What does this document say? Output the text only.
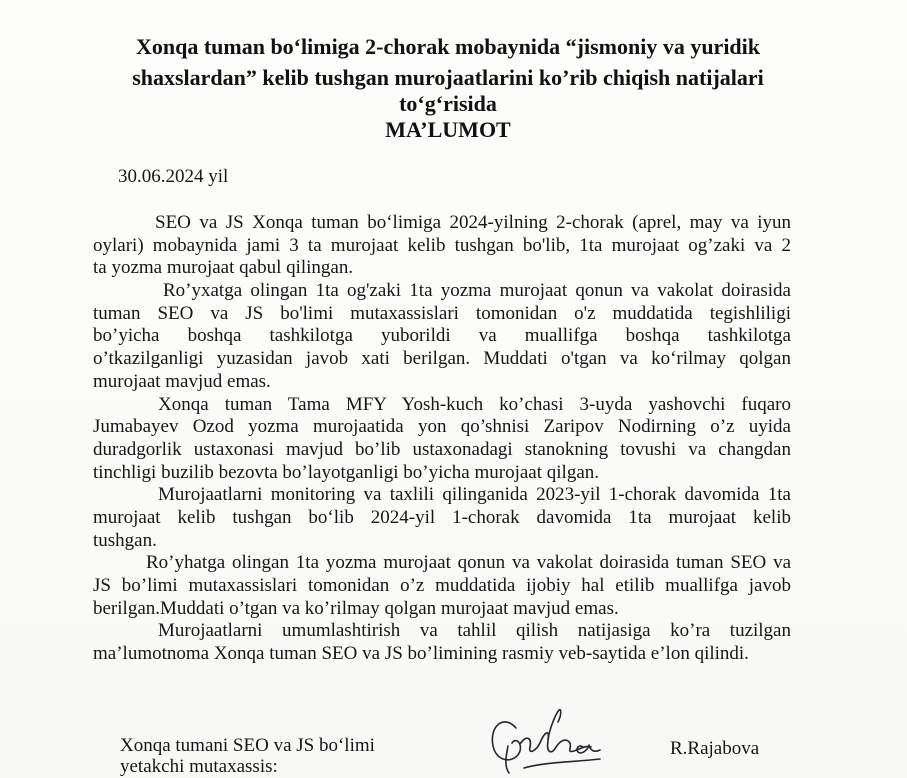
Xonqa tuman bo‘limiga 2-chorak mobaynida “jismoniy va yuridik
shaxslardan” kelib tushgan murojaatlarini ko’rib chiqish natijalari
to‘g‘risida
MA’LUMOT
30.06.2024 yil
SEO va JS Xonqa tuman bo‘limiga 2024-yilning 2-chorak (aprel, may va iyun
oylari) mobaynida jami 3 ta murojaat kelib tushgan bo'lib, 1ta murojaat og’zaki va 2
ta yozma murojaat qabul qilingan.
Ro’yxatga olingan 1ta og'zaki 1ta yozma murojaat qonun va vakolat doirasida
tuman SEO va JS bo'limi mutaxassislari tomonidan o'z muddatida tegishliligi
bo’yicha boshqa tashkilotga yuborildi va muallifga boshqa tashkilotga
o’tkazilganligi yuzasidan javob xati berilgan. Muddati o'tgan va ko‘rilmay qolgan
murojaat mavjud emas.
Xonqa tuman Tama MFY Yosh-kuch ko’chasi 3-uyda yashovchi fuqaro
Jumabayev Ozod yozma murojaatida yon qo’shnisi Zaripov Nodirning o’z uyida
duradgorlik ustaxonasi mavjud bo’lib ustaxonadagi stanokning tovushi va changdan
tinchligi buzilib bezovta bo’layotganligi bo’yicha murojaat qilgan.
Murojaatlarni monitoring va taxlili qilinganida 2023-yil 1-chorak davomida 1ta
murojaat kelib tushgan bo‘lib 2024-yil 1-chorak davomida 1ta murojaat kelib
tushgan.
Ro’yhatga olingan 1ta yozma murojaat qonun va vakolat doirasida tuman SEO va
JS bo’limi mutaxassislari tomonidan o’z muddatida ijobiy hal etilib muallifga javob
berilgan.Muddati o’tgan va ko’rilmay qolgan murojaat mavjud emas.
Murojaatlarni umumlashtirish va tahlil qilish natijasiga ko’ra tuzilgan
ma’lumotnoma Xonqa tuman SEO va JS bo’limining rasmiy veb-saytida e’lon qilindi.
Xonqa tumani SEO va JS bo‘limi
yetakchi mutaxassis:
R.Rajabova
